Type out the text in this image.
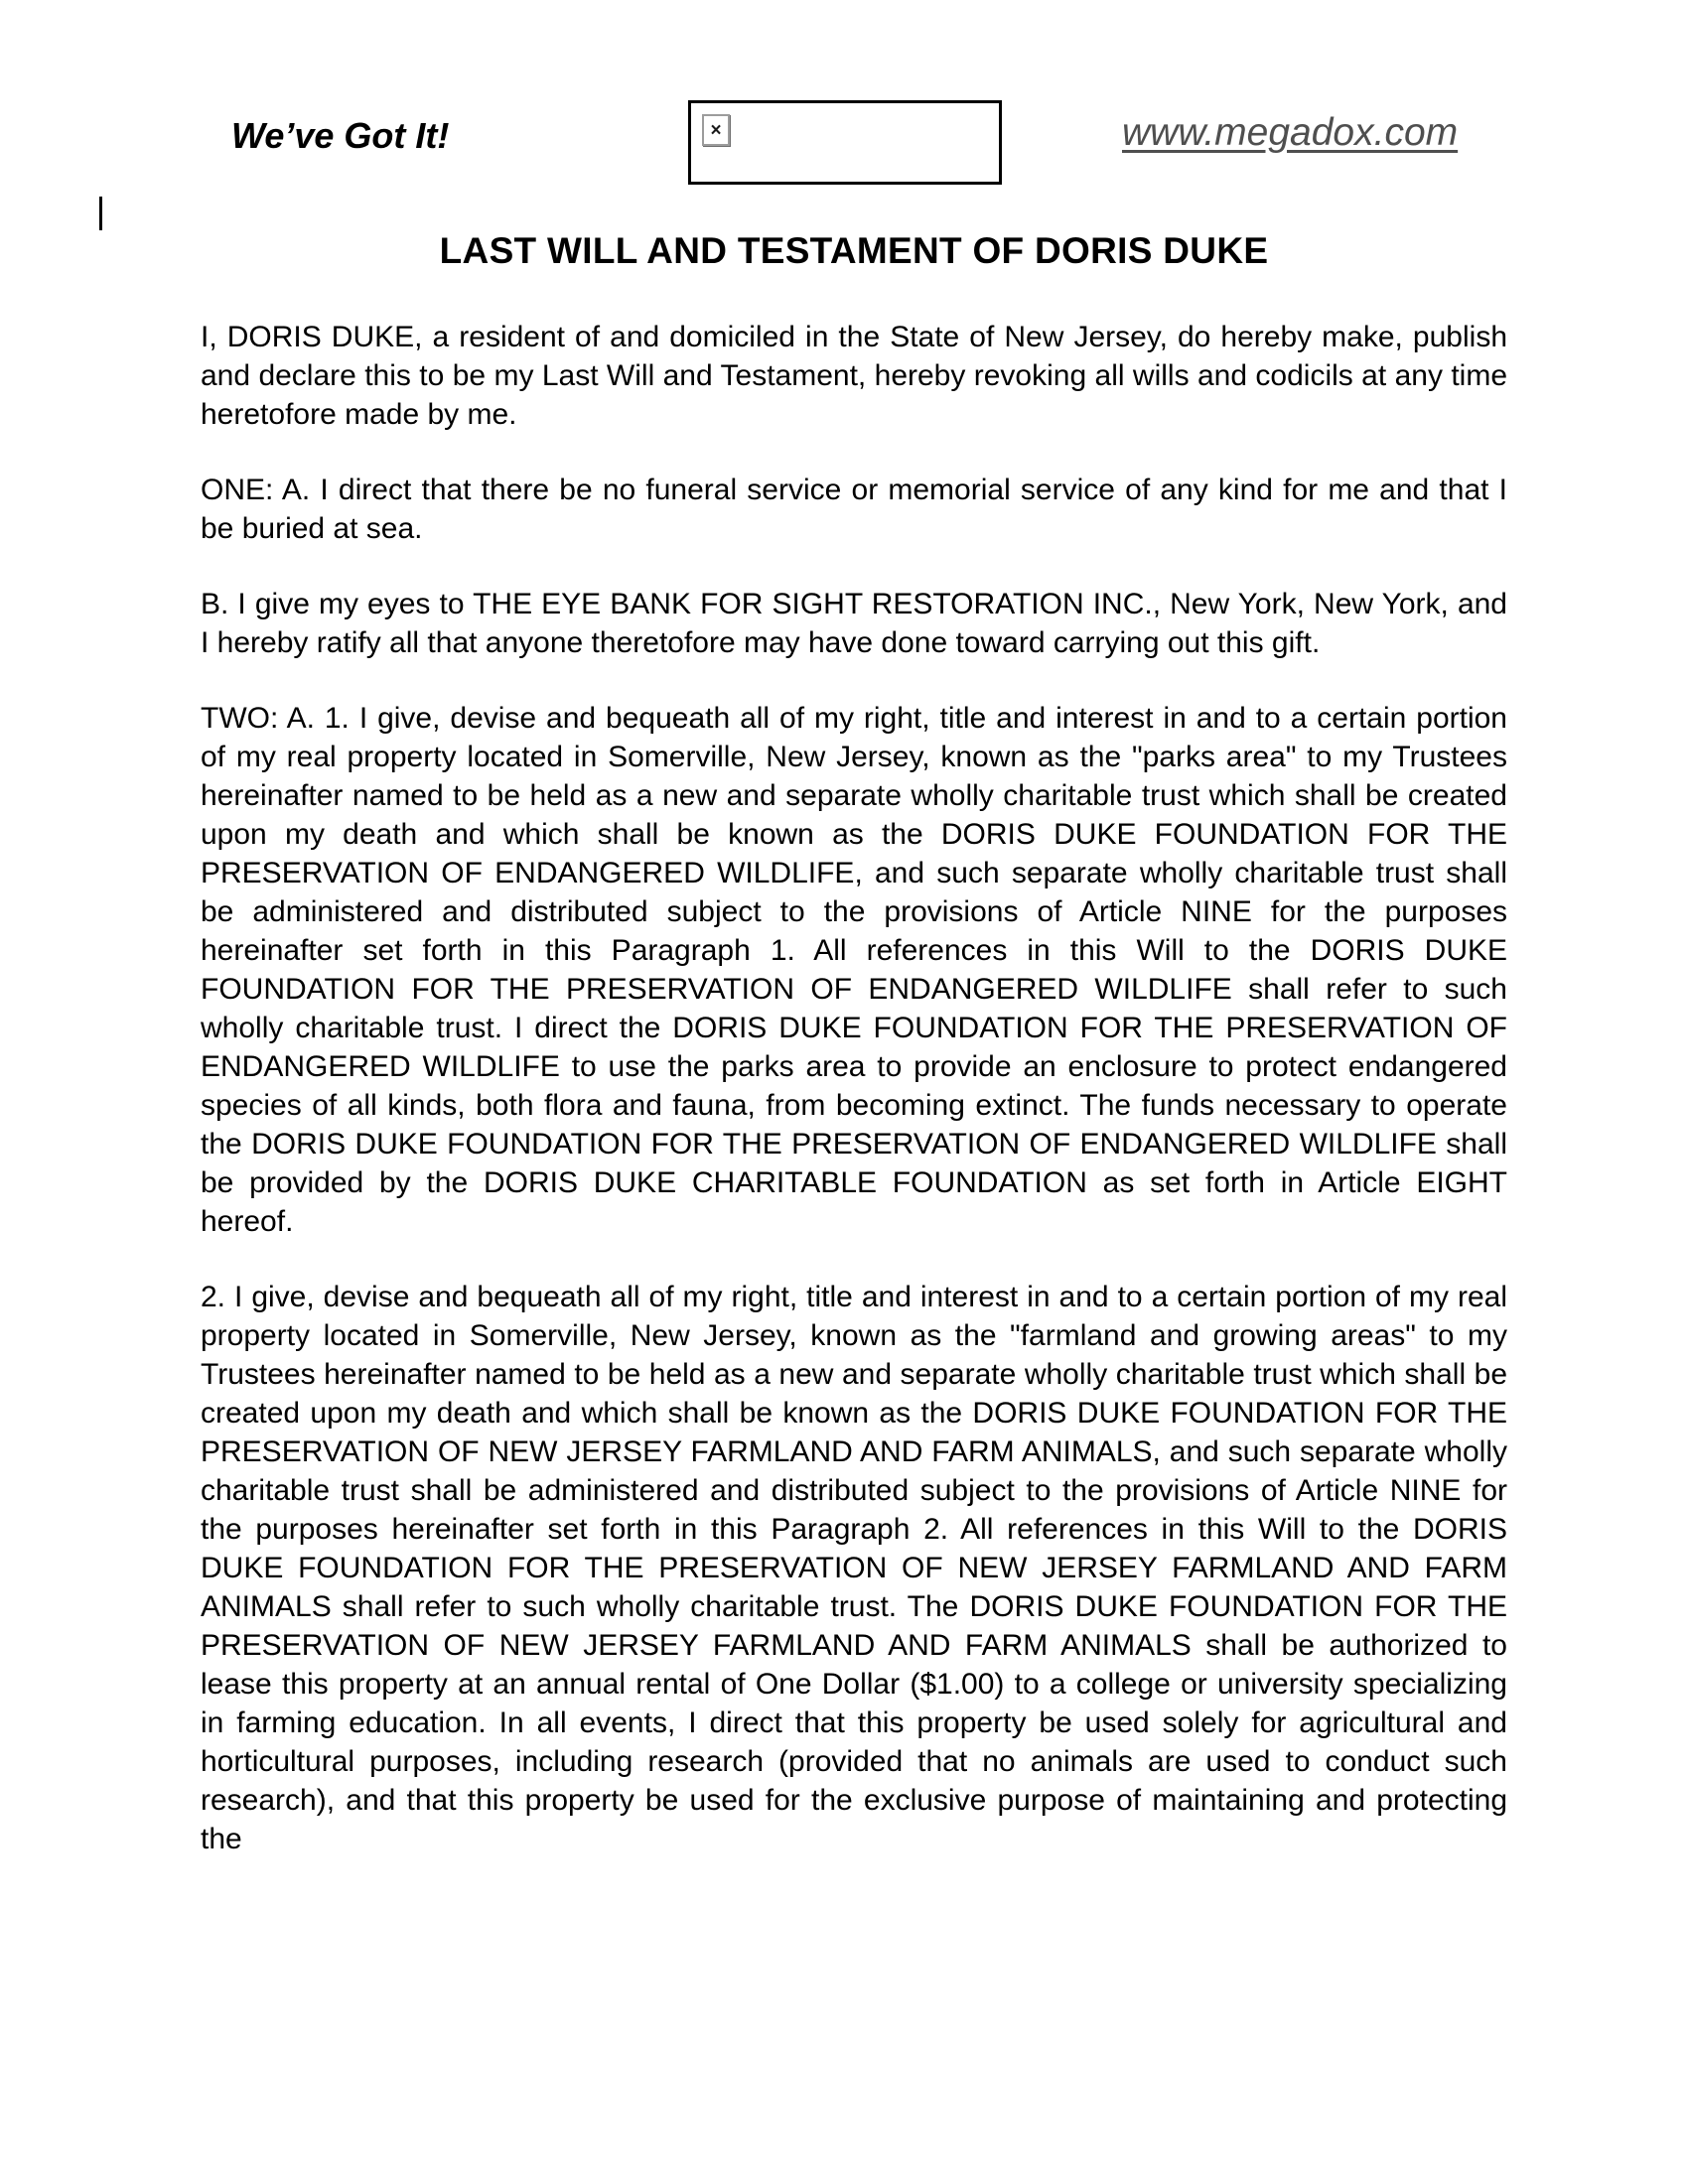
We’ve Got It!	×	www.megadox.com
LAST WILL AND TESTAMENT OF DORIS DUKE

I, DORIS DUKE, a resident of and domiciled in the State of New Jersey, do hereby make, publish and declare this to be my Last Will and Testament, hereby revoking all wills and codicils at any time heretofore made by me.

ONE: A. I direct that there be no funeral service or memorial service of any kind for me and that I be buried at sea.

B. I give my eyes to THE EYE BANK FOR SIGHT RESTORATION INC., New York, New York, and I hereby ratify all that anyone theretofore may have done toward carrying out this gift.

TWO: A. 1. I give, devise and bequeath all of my right, title and interest in and to a certain portion of my real property located in Somerville, New Jersey, known as the "parks area" to my Trustees hereinafter named to be held as a new and separate wholly charitable trust which shall be created upon my death and which shall be known as the DORIS DUKE FOUNDATION FOR THE PRESERVATION OF ENDANGERED WILDLIFE, and such separate wholly charitable trust shall be administered and distributed subject to the provisions of Article NINE for the purposes hereinafter set forth in this Paragraph 1. All references in this Will to the DORIS DUKE FOUNDATION FOR THE PRESERVATION OF ENDANGERED WILDLIFE shall refer to such wholly charitable trust. I direct the DORIS DUKE FOUNDATION FOR THE PRESERVATION OF ENDANGERED WILDLIFE to use the parks area to provide an enclosure to protect endangered species of all kinds, both flora and fauna, from becoming extinct. The funds necessary to operate the DORIS DUKE FOUNDATION FOR THE PRESERVATION OF ENDANGERED WILDLIFE shall be provided by the DORIS DUKE CHARITABLE FOUNDATION as set forth in Article EIGHT hereof.

2. I give, devise and bequeath all of my right, title and interest in and to a certain portion of my real property located in Somerville, New Jersey, known as the "farmland and growing areas" to my Trustees hereinafter named to be held as a new and separate wholly charitable trust which shall be created upon my death and which shall be known as the DORIS DUKE FOUNDATION FOR THE PRESERVATION OF NEW JERSEY FARMLAND AND FARM ANIMALS, and such separate wholly charitable trust shall be administered and distributed subject to the provisions of Article NINE for the purposes hereinafter set forth in this Paragraph 2. All references in this Will to the DORIS DUKE FOUNDATION FOR THE PRESERVATION OF NEW JERSEY FARMLAND AND FARM ANIMALS shall refer to such wholly charitable trust. The DORIS DUKE FOUNDATION FOR THE PRESERVATION OF NEW JERSEY FARMLAND AND FARM ANIMALS shall be authorized to lease this property at an annual rental of One Dollar ($1.00) to a college or university specializing in farming education. In all events, I direct that this property be used solely for agricultural and horticultural purposes, including research (provided that no animals are used to conduct such research), and that this property be used for the exclusive purpose of maintaining and protecting the
